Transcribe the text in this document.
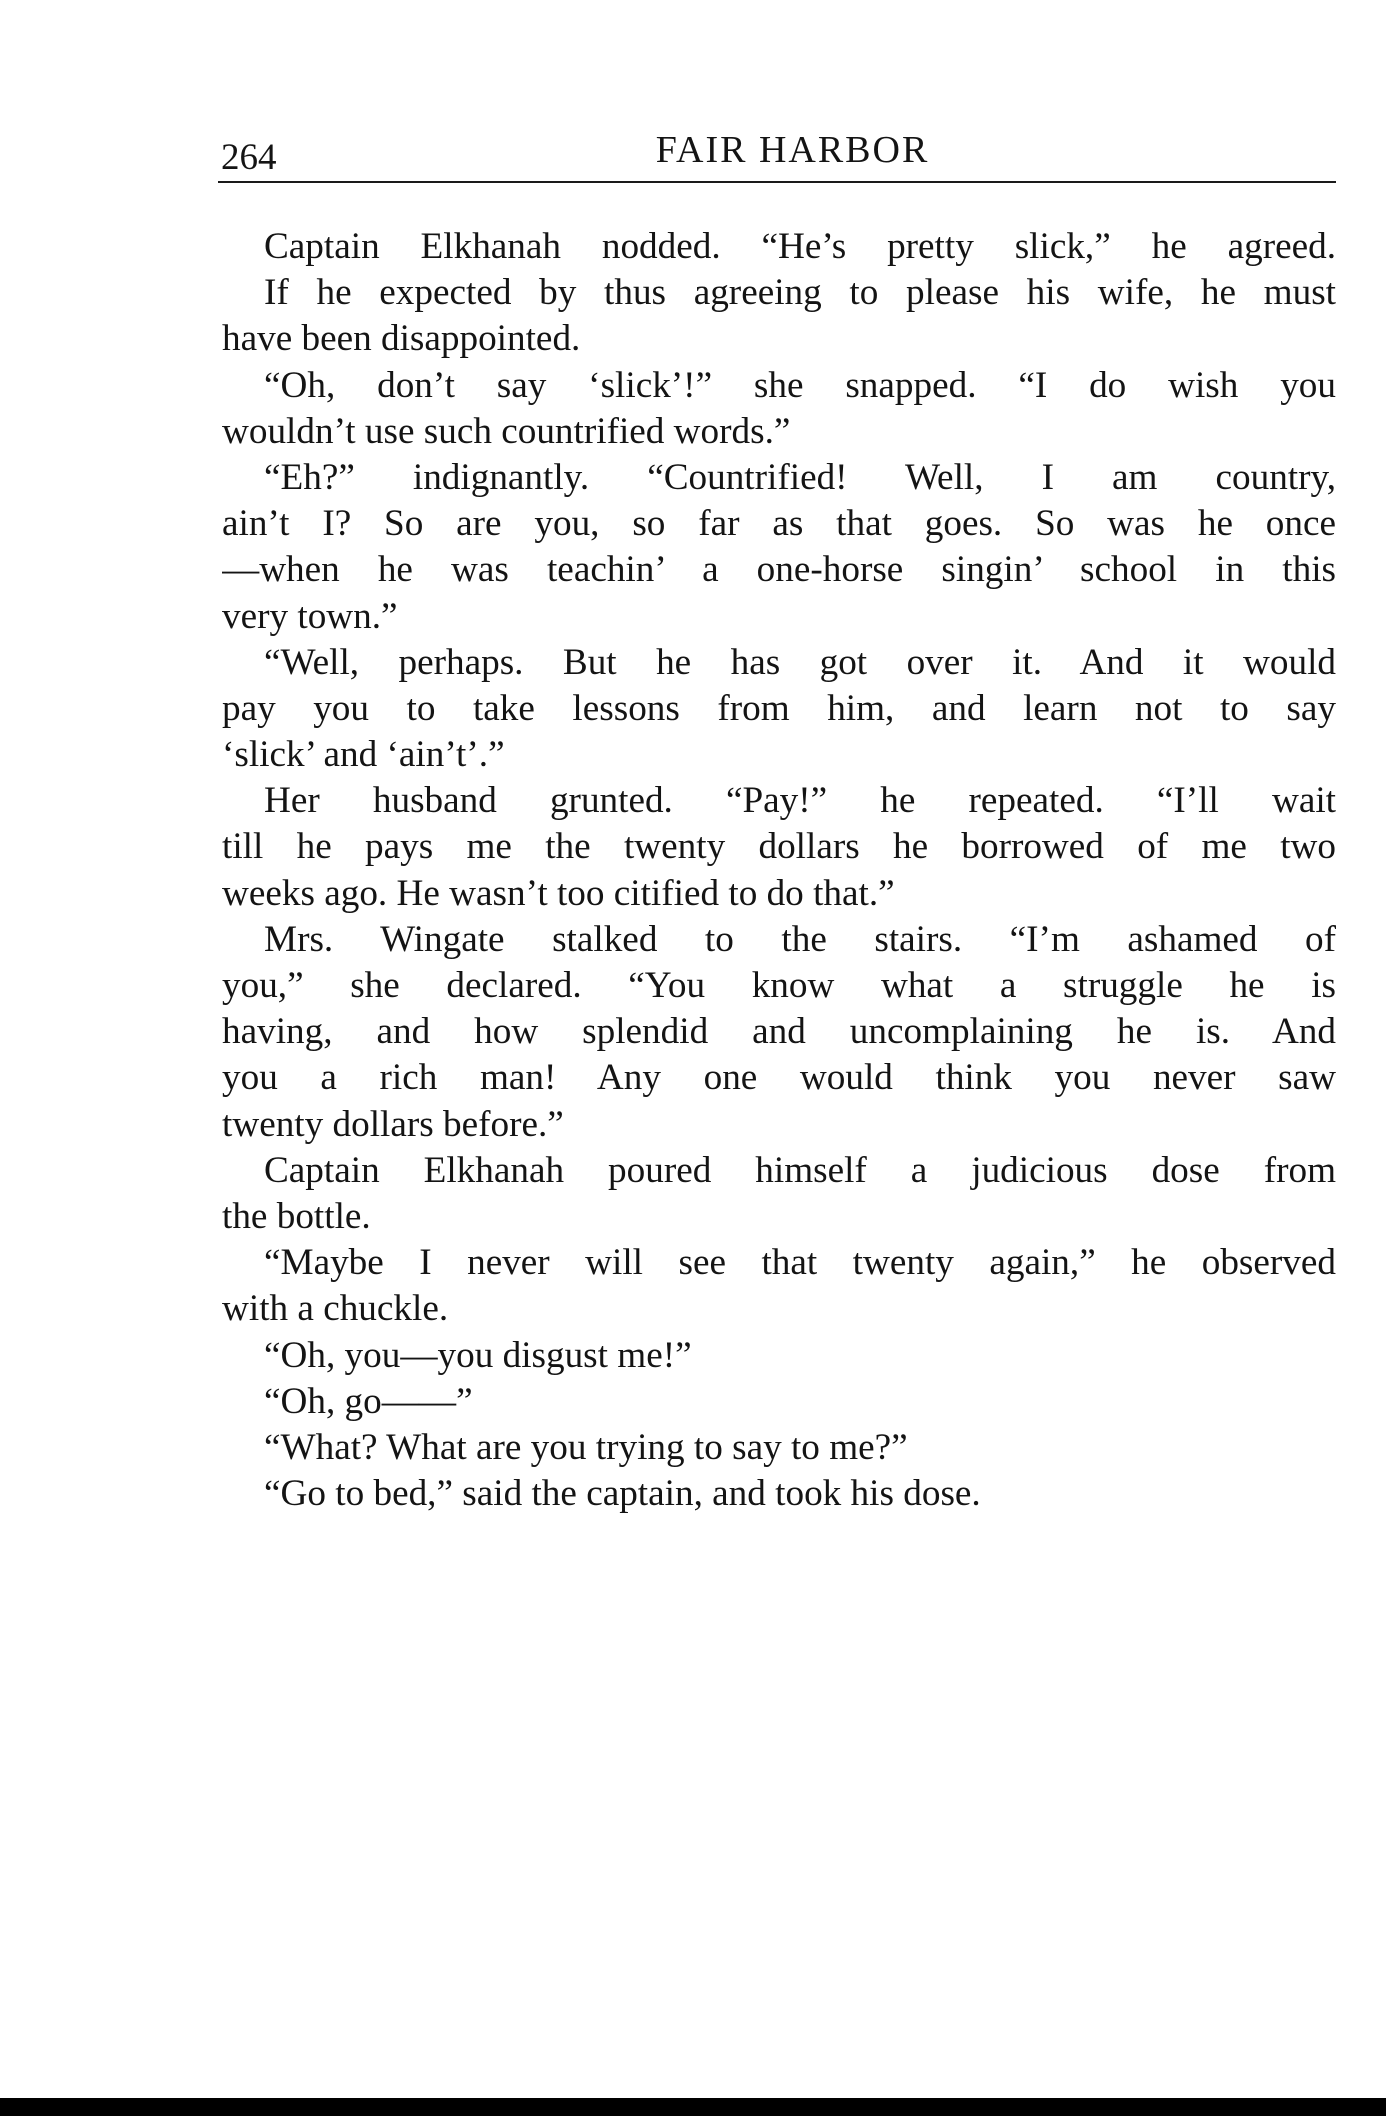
264	FAIR HARBOR
Captain Elkhanah nodded. “He’s pretty slick,” he agreed.
If he expected by thus agreeing to please his wife, he must
have been disappointed.
“Oh, don’t say ‘slick’!” she snapped. “I do wish you
wouldn’t use such countrified words.”
“Eh?” indignantly. “Countrified! Well, I am country,
ain’t I? So are you, so far as that goes. So was he once
—when he was teachin’ a one-horse singin’ school in this
very town.”
“Well, perhaps. But he has got over it. And it would
pay you to take lessons from him, and learn not to say
‘slick’ and ‘ain’t’.”
Her husband grunted. “Pay!” he repeated. “I’ll wait
till he pays me the twenty dollars he borrowed of me two
weeks ago. He wasn’t too citified to do that.”
Mrs. Wingate stalked to the stairs. “I’m ashamed of
you,” she declared. “You know what a struggle he is
having, and how splendid and uncomplaining he is. And
you a rich man! Any one would think you never saw
twenty dollars before.”
Captain Elkhanah poured himself a judicious dose from
the bottle.
“Maybe I never will see that twenty again,” he observed
with a chuckle.
“Oh, you—you disgust me!”
“Oh, go——”
“What? What are you trying to say to me?”
“Go to bed,” said the captain, and took his dose.
